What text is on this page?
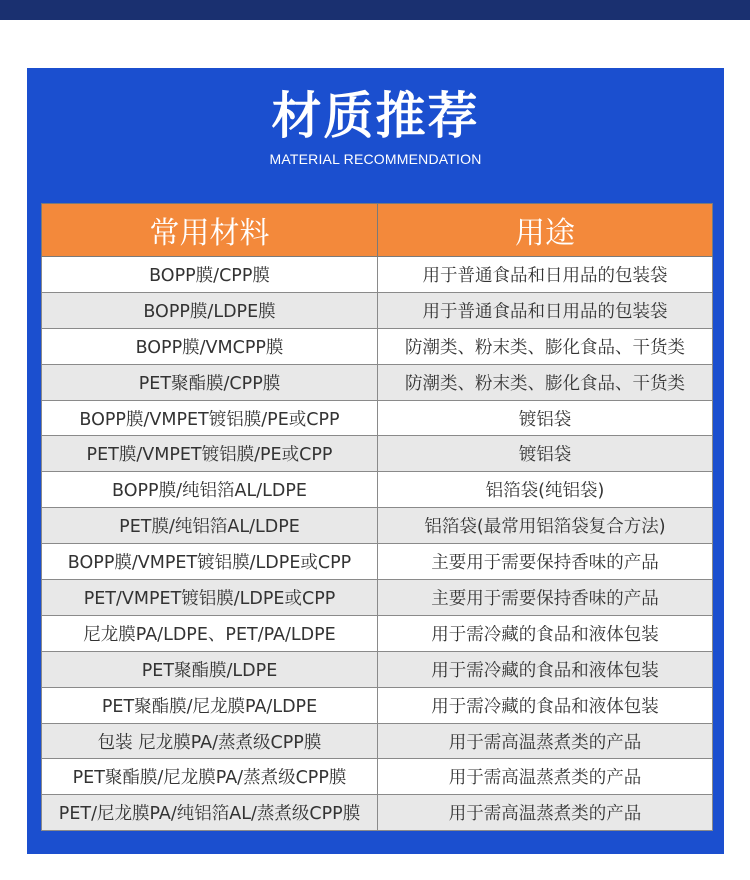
材质推荐
MATERIAL RECOMMENDATION
常用材料	用途
BOPP膜/CPP膜	用于普通食品和日用品的包装袋
BOPP膜/LDPE膜	用于普通食品和日用品的包装袋
BOPP膜/VMCPP膜	防潮类、粉末类、膨化食品、干货类
PET聚酯膜/CPP膜	防潮类、粉末类、膨化食品、干货类
BOPP膜/VMPET镀铝膜/PE或CPP	镀铝袋
PET膜/VMPET镀铝膜/PE或CPP	镀铝袋
BOPP膜/纯铝箔AL/LDPE	铝箔袋(纯铝袋)
PET膜/纯铝箔AL/LDPE	铝箔袋(最常用铝箔袋复合方法)
BOPP膜/VMPET镀铝膜/LDPE或CPP	主要用于需要保持香味的产品
PET/VMPET镀铝膜/LDPE或CPP	主要用于需要保持香味的产品
尼龙膜PA/LDPE、PET/PA/LDPE	用于需冷藏的食品和液体包装
PET聚酯膜/LDPE	用于需冷藏的食品和液体包装
PET聚酯膜/尼龙膜PA/LDPE	用于需冷藏的食品和液体包装
包装 尼龙膜PA/蒸煮级CPP膜	用于需高温蒸煮类的产品
PET聚酯膜/尼龙膜PA/蒸煮级CPP膜	用于需高温蒸煮类的产品
PET/尼龙膜PA/纯铝箔AL/蒸煮级CPP膜	用于需高温蒸煮类的产品
